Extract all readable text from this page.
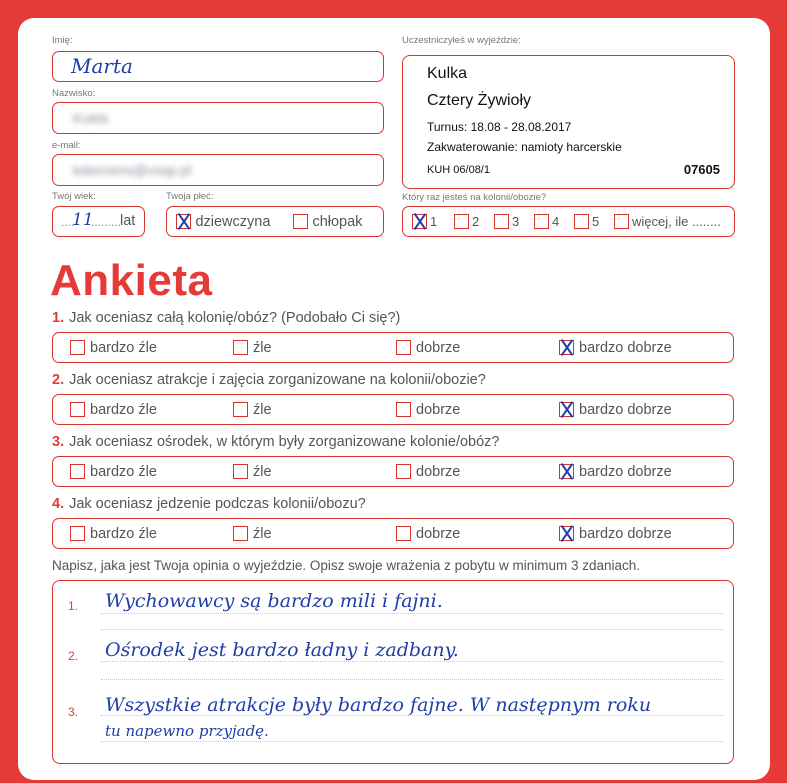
Imię:
Marta
Nazwisko:
Kukla
e-mail:
kdavrsms@vsap.pl
Twój wiek:
....
11
.........
lat
Twoja płeć:
dziewczyna	chłopak
Uczestniczyłeś w wyjeździe:
Kulka
Cztery Żywioły
Turnus: 18.08 - 28.08.2017
Zakwaterowanie: namioty harcerskie
KUH 06/08/1	07605
Który raz jesteś na kolonii/obozie?
1	2	3	4	5	więcej, ile ........
Ankieta
1. Jak oceniasz całą kolonię/obóz? (Podobało Ci się?)
bardzo źle	źle	dobrze	bardzo dobrze
2. Jak oceniasz atrakcje i zajęcia zorganizowane na kolonii/obozie?
bardzo źle	źle	dobrze	bardzo dobrze
3. Jak oceniasz ośrodek, w którym były zorganizowane kolonie/obóz?
bardzo źle	źle	dobrze	bardzo dobrze
4. Jak oceniasz jedzenie podczas kolonii/obozu?
bardzo źle	źle	dobrze	bardzo dobrze
Napisz, jaka jest Twoja opinia o wyjeździe. Opisz swoje wrażenia z pobytu w minimum 3 zdaniach.
1. Wychowawcy są bardzo mili i fajni.
2. Ośrodek jest bardzo ładny i zadbany.
3. Wszystkie atrakcje były bardzo fajne. W następnym roku
tu napewno przyjadę.
